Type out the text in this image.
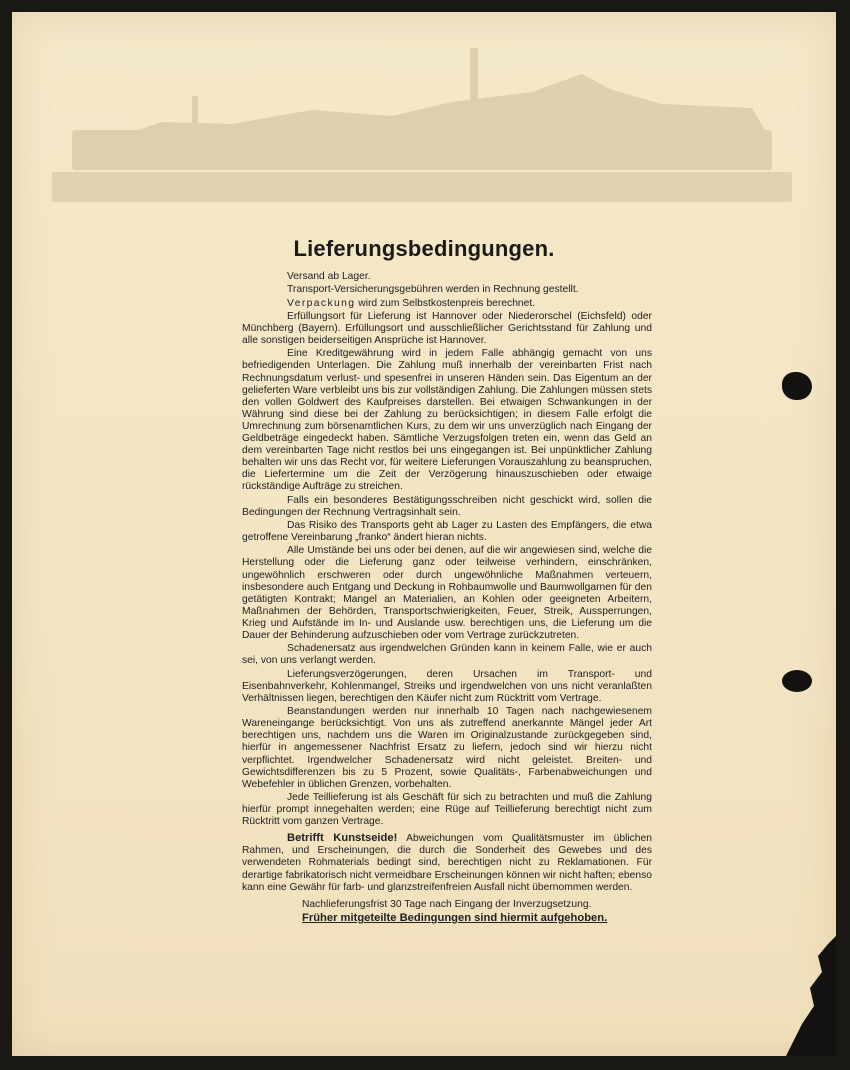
Lieferungsbedingungen.

Versand ab Lager.

Transport-Versicherungsgebühren werden in Rechnung gestellt.

Verpackung wird zum Selbstkostenpreis berechnet.

Erfüllungsort für Lieferung ist Hannover oder Niederorschel (Eichsfeld) oder Münchberg (Bayern). Erfüllungsort und ausschließlicher Gerichtsstand für Zahlung und alle sonstigen beiderseitigen Ansprüche ist Hannover.

Eine Kreditgewährung wird in jedem Falle abhängig gemacht von uns befriedigenden Unterlagen. Die Zahlung muß innerhalb der vereinbarten Frist nach Rechnungsdatum verlust- und spesenfrei in unseren Händen sein. Das Eigentum an der gelieferten Ware verbleibt uns bis zur vollständigen Zahlung. Die Zahlungen müssen stets den vollen Goldwert des Kaufpreises darstellen. Bei etwaigen Schwankungen in der Währung sind diese bei der Zahlung zu berücksichtigen; in diesem Falle erfolgt die Umrechnung zum börsenamtlichen Kurs, zu dem wir uns unverzüglich nach Eingang der Geldbeträge eingedeckt haben. Sämtliche Verzugsfolgen treten ein, wenn das Geld an dem vereinbarten Tage nicht restlos bei uns eingegangen ist. Bei unpünktlicher Zahlung behalten wir uns das Recht vor, für weitere Lieferungen Vorauszahlung zu beanspruchen, die Liefertermine um die Zeit der Verzögerung hinauszuschieben oder etwaige rückständige Aufträge zu streichen.

Falls ein besonderes Bestätigungsschreiben nicht geschickt wird, sollen die Bedingungen der Rechnung Vertragsinhalt sein.

Das Risiko des Transports geht ab Lager zu Lasten des Empfängers, die etwa getroffene Vereinbarung „franko“ ändert hieran nichts.

Alle Umstände bei uns oder bei denen, auf die wir angewiesen sind, welche die Herstellung oder die Lieferung ganz oder teilweise verhindern, einschränken, ungewöhnlich erschweren oder durch ungewöhnliche Maßnahmen verteuern, insbesondere auch Entgang und Deckung in Rohbaumwolle und Baumwollgarnen für den getätigten Kontrakt; Mangel an Materialien, an Kohlen oder geeigneten Arbeitern, Maßnahmen der Behörden, Transportschwierigkeiten, Feuer, Streik, Aussperrungen, Krieg und Aufstände im In- und Auslande usw. berechtigen uns, die Lieferung um die Dauer der Behinderung aufzuschieben oder vom Vertrage zurückzutreten.

Schadenersatz aus irgendwelchen Gründen kann in keinem Falle, wie er auch sei, von uns verlangt werden.

Lieferungsverzögerungen, deren Ursachen im Transport- und Eisenbahnverkehr, Kohlenmangel, Streiks und irgendwelchen von uns nicht veranlaßten Verhältnissen liegen, berechtigen den Käufer nicht zum Rücktritt vom Vertrage.

Beanstandungen werden nur innerhalb 10 Tagen nach nachgewiesenem Wareneingange berücksichtigt. Von uns als zutreffend anerkannte Mängel jeder Art berechtigen uns, nachdem uns die Waren im Originalzustande zurückgegeben sind, hierfür in angemessener Nachfrist Ersatz zu liefern, jedoch sind wir hierzu nicht verpflichtet. Irgendwelcher Schadenersatz wird nicht geleistet. Breiten- und Gewichtsdifferenzen bis zu 5 Prozent, sowie Qualitäts-, Farbenabweichungen und Webefehler in üblichen Grenzen, vorbehalten.

Jede Teillieferung ist als Geschäft für sich zu betrachten und muß die Zahlung hierfür prompt innegehalten werden; eine Rüge auf Teillieferung berechtigt nicht zum Rücktritt vom ganzen Vertrage.

Betrifft Kunstseide! Abweichungen vom Qualitätsmuster im üblichen Rahmen, und Erscheinungen, die durch die Sonderheit des Gewebes und des verwendeten Rohmaterials bedingt sind, berechtigen nicht zu Reklamationen. Für derartige fabrikatorisch nicht vermeidbare Erscheinungen können wir nicht haften; ebenso kann eine Gewähr für farb- und glanzstreifenfreien Ausfall nicht übernommen werden.

Nachlieferungsfrist 30 Tage nach Eingang der Inverzugsetzung.

Früher mitgeteilte Bedingungen sind hiermit aufgehoben.
